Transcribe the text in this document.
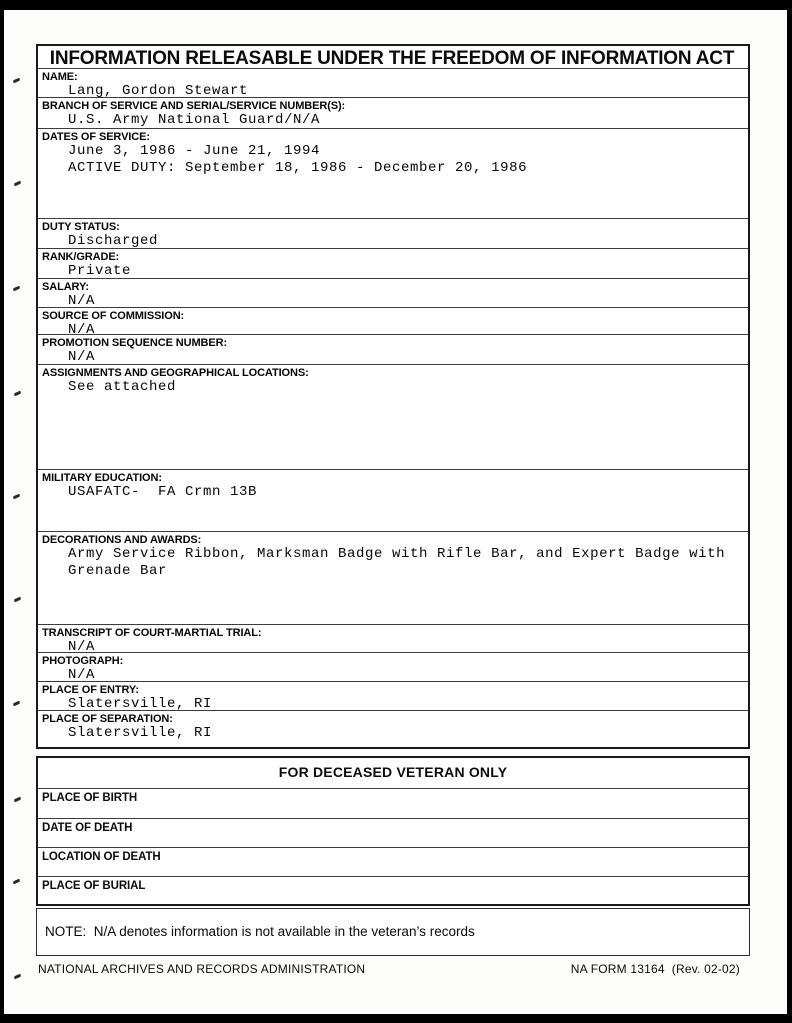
INFORMATION RELEASABLE UNDER THE FREEDOM OF INFORMATION ACT
NAME:
Lang, Gordon Stewart
BRANCH OF SERVICE AND SERIAL/SERVICE NUMBER(S):
U.S. Army National Guard/N/A
DATES OF SERVICE:
June 3, 1986 - June 21, 1994
ACTIVE DUTY: September 18, 1986 - December 20, 1986
DUTY STATUS:
Discharged
RANK/GRADE:
Private
SALARY:
N/A
SOURCE OF COMMISSION:
N/A
PROMOTION SEQUENCE NUMBER:
N/A
ASSIGNMENTS AND GEOGRAPHICAL LOCATIONS:
See attached
MILITARY EDUCATION:
USAFATC-  FA Crmn 13B
DECORATIONS AND AWARDS:
Army Service Ribbon, Marksman Badge with Rifle Bar, and Expert Badge with
Grenade Bar
TRANSCRIPT OF COURT-MARTIAL TRIAL:
N/A
PHOTOGRAPH:
N/A
PLACE OF ENTRY:
Slatersville, RI
PLACE OF SEPARATION:
Slatersville, RI
FOR DECEASED VETERAN ONLY
PLACE OF BIRTH
DATE OF DEATH
LOCATION OF DEATH
PLACE OF BURIAL
NOTE:  N/A denotes information is not available in the veteran’s records
NATIONAL ARCHIVES AND RECORDS ADMINISTRATION	NA FORM 13164  (Rev. 02-02)
